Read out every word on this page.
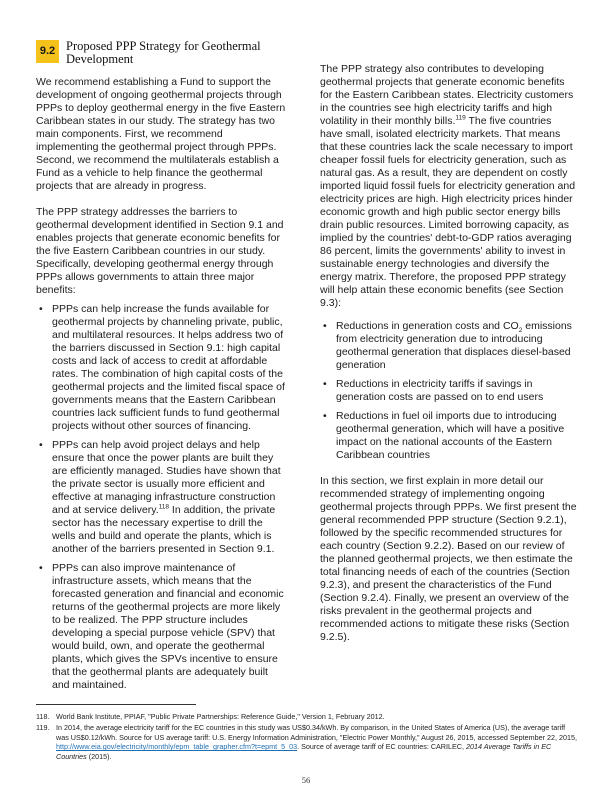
9.2 Proposed PPP Strategy for Geothermal
Development

We recommend establishing a Fund to support the development of ongoing geothermal projects through PPPs to deploy geothermal energy in the five Eastern Caribbean states in our study. The strategy has two main components. First, we recommend implementing the geothermal project through PPPs. Second, we recommend the multilaterals establish a Fund as a vehicle to help finance the geothermal projects that are already in progress.

The PPP strategy addresses the barriers to geothermal development identified in Section 9.1 and enables projects that generate economic benefits for the five Eastern Caribbean countries in our study. Specifically, developing geothermal energy through PPPs allows governments to attain three major benefits:

• PPPs can help increase the funds available for geothermal projects by channeling private, public, and multilateral resources. It helps address two of the barriers discussed in Section 9.1: high capital costs and lack of access to credit at affordable rates. The combination of high capital costs of the geothermal projects and the limited fiscal space of governments means that the Eastern Caribbean countries lack sufficient funds to fund geothermal projects without other sources of financing.
• PPPs can help avoid project delays and help ensure that once the power plants are built they are efficiently managed. Studies have shown that the private sector is usually more efficient and effective at managing infrastructure construction and at service delivery.$^{118}$ In addition, the private sector has the necessary expertise to drill the wells and build and operate the plants, which is another of the barriers presented in Section 9.1.
• PPPs can also improve maintenance of infrastructure assets, which means that the forecasted generation and financial and economic returns of the geothermal projects are more likely to be realized. The PPP structure includes developing a special purpose vehicle (SPV) that would build, own, and operate the geothermal plants, which gives the SPVs incentive to ensure that the geothermal plants are adequately built and maintained.

The PPP strategy also contributes to developing geothermal projects that generate economic benefits for the Eastern Caribbean states. Electricity customers in the countries see high electricity tariffs and high volatility in their monthly bills.$^{119}$ The five countries have small, isolated electricity markets. That means that these countries lack the scale necessary to import cheaper fossil fuels for electricity generation, such as natural gas. As a result, they are dependent on costly imported liquid fossil fuels for electricity generation and electricity prices are high. High electricity prices hinder economic growth and high public sector energy bills drain public resources. Limited borrowing capacity, as implied by the countries' debt-to-GDP ratios averaging 86 percent, limits the governments' ability to invest in sustainable energy technologies and diversify the energy matrix. Therefore, the proposed PPP strategy will help attain these economic benefits (see Section 9.3):

• Reductions in generation costs and $CO_2$ emissions from electricity generation due to introducing geothermal generation that displaces diesel-based generation
• Reductions in electricity tariffs if savings in generation costs are passed on to end users
• Reductions in fuel oil imports due to introducing geothermal generation, which will have a positive impact on the national accounts of the Eastern Caribbean countries

In this section, we first explain in more detail our recommended strategy of implementing ongoing geothermal projects through PPPs. We first present the general recommended PPP structure (Section 9.2.1), followed by the specific recommended structures for each country (Section 9.2.2). Based on our review of the planned geothermal projects, we then estimate the total financing needs of each of the countries (Section 9.2.3), and present the characteristics of the Fund (Section 9.2.4). Finally, we present an overview of the risks prevalent in the geothermal projects and recommended actions to mitigate these risks (Section 9.2.5).

118. World Bank Institute, PPIAF, "Public Private Partnerships: Reference Guide," Version 1, February 2012.
119. In 2014, the average electricity tariff for the EC countries in this study was US$0.34/kWh. By comparison, in the United States of America (US), the average tariff was US$0.12/kWh. Source for US average tariff: U.S. Energy Information Administration, "Electric Power Monthly," August 26, 2015, accessed September 22, 2015, http://www.eia.gov/electricity/monthly/epm_table_grapher.cfm?t=epmt_5_03. Source of average tariff of EC countries: CARILEC, 2014 Average Tariffs in EC Countries (2015).
56
